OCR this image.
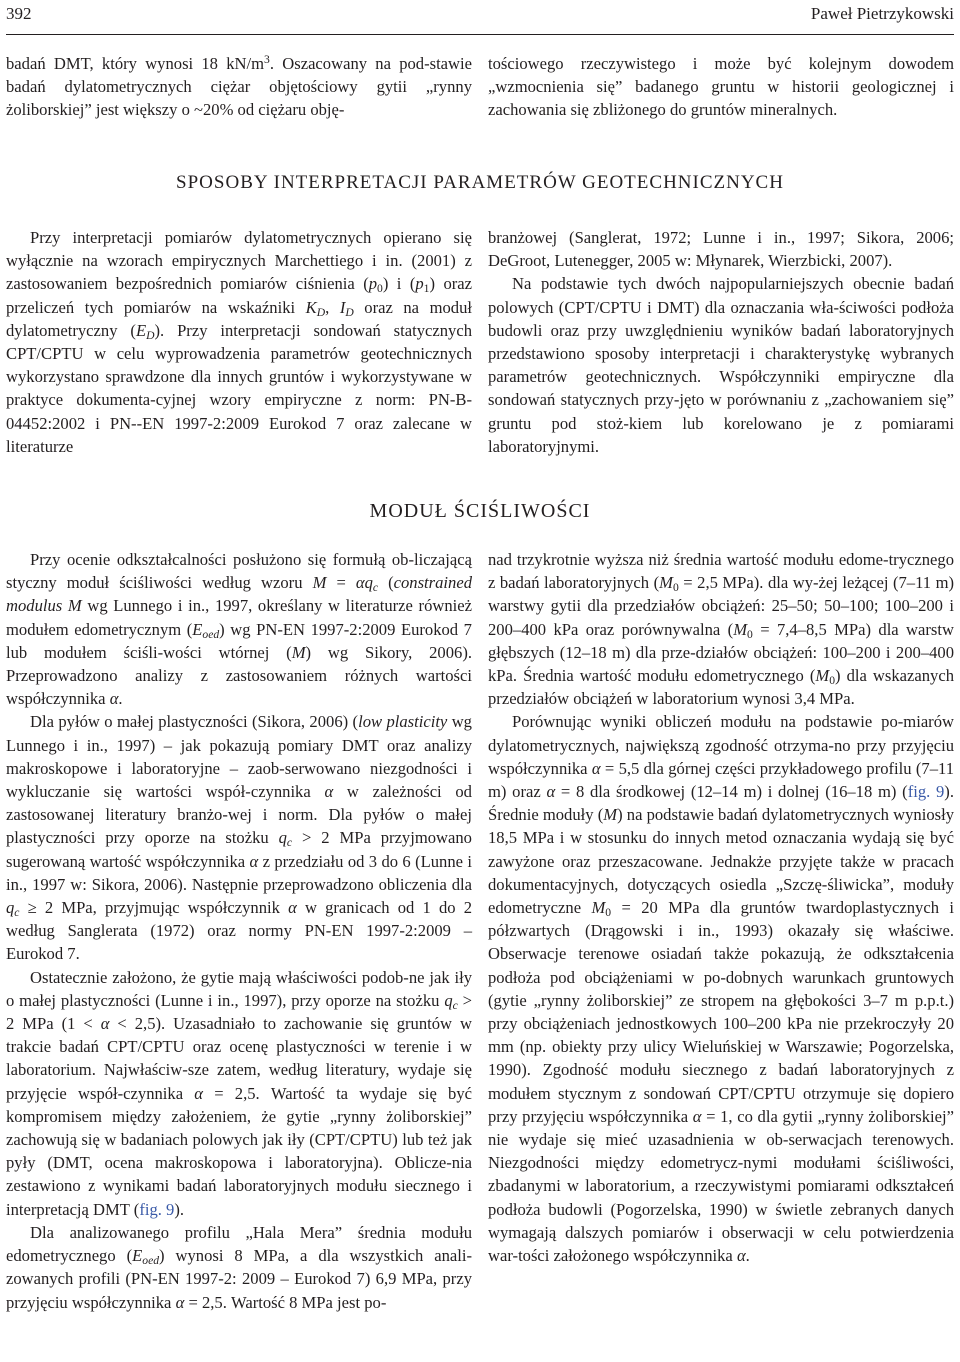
392	Paweł Pietrzykowski

badań DMT, który wynosi 18 $kN/m^3$. Oszacowany na pod-stawie badań dylatometrycznych ciężar objętościowy gytii „rynny żoliborskiej” jest większy o ~20% od ciężaru obję-

tościowego rzeczywistego i może być kolejnym dowodem „wzmocnienia się” badanego gruntu w historii geologicznej i zachowania się zbliżonego do gruntów mineralnych.

SPOSOBY INTERPRETACJI PARAMETRÓW GEOTECHNICZNYCH

Przy interpretacji pomiarów dylatometrycznych opierano się wyłącznie na wzorach empirycznych Marchettiego i in. (2001) z zastosowaniem bezpośrednich pomiarów ciśnienia $(p_0)$ i $(p_1)$ oraz przeliczeń tych pomiarów na wskaźniki $K_D$, $I_D$ oraz na moduł dylatometryczny $(E_D)$. Przy interpretacji sondowań statycznych CPT/CPTU w celu wyprowadzenia parametrów geotechnicznych wykorzystano sprawdzone dla innych gruntów i wykorzystywane w praktyce dokumenta-cyjnej wzory empiryczne z norm: PN-B-04452:2002 i PN--EN 1997-2:2009 Eurokod 7 oraz zalecane w literaturze

branżowej (Sanglerat, 1972; Lunne i in., 1997; Sikora, 2006; DeGroot, Lutenegger, 2005 w: Młynarek, Wierzbicki, 2007).

Na podstawie tych dwóch najpopularniejszych obecnie badań polowych (CPT/CPTU i DMT) dla oznaczania wła-ściwości podłoża budowli oraz przy uwzględnieniu wyników badań laboratoryjnych przedstawiono sposoby interpretacji i charakterystykę wybranych parametrów geotechnicznych. Współczynniki empiryczne dla sondowań statycznych przy-jęto w porównaniu z „zachowaniem się” gruntu pod stoż-kiem lub korelowano je z pomiarami laboratoryjnymi.

MODUŁ ŚCIŚLIWOŚCI

Przy ocenie odkształcalności posłużono się formułą ob-liczającą styczny moduł ściśliwości według wzoru $M = \alpha q_c$ (constrained modulus M wg Lunnego i in., 1997, określany w literaturze również modułem edometrycznym $(E_{oed})$ wg PN-EN 1997-2:2009 Eurokod 7 lub modułem ściśli-wości wtórnej (M) wg Sikory, 2006). Przeprowadzono analizy z zastosowaniem różnych wartości współczynnika α.

Dla pyłów o małej plastyczności (Sikora, 2006) (low plasticity wg Lunnego i in., 1997) – jak pokazują pomiary DMT oraz analizy makroskopowe i laboratoryjne – zaob-serwowano niezgodności i wykluczanie się wartości współ-czynnika α w zależności od zastosowanej literatury branżo-wej i norm. Dla pyłów o małej plastyczności przy oporze na stożku $q_c > 2$ MPa przyjmowano sugerowaną wartość współczynnika α z przedziału od 3 do 6 (Lunne i in., 1997 w: Sikora, 2006). Następnie przeprowadzono obliczenia dla $q_c \ge 2$ MPa, przyjmując współczynnik α w granicach od 1 do 2 według Sanglerata (1972) oraz normy PN-EN 1997-2:2009 – Eurokod 7.

Ostatecznie założono, że gytie mają właściwości podob-ne jak iły o małej plastyczności (Lunne i in., 1997), przy oporze na stożku $q_c > 2$ MPa (1 < α < 2,5). Uzasadniało to zachowanie się gruntów w trakcie badań CPT/CPTU oraz ocenę plastyczności w terenie i w laboratorium. Najwłaściw-sze zatem, według literatury, wydaje się przyjęcie współ-czynnika α = 2,5. Wartość ta wydaje się być kompromisem między założeniem, że gytie „rynny żoliborskiej” zachowują się w badaniach polowych jak iły (CPT/CPTU) lub też jak pyły (DMT, ocena makroskopowa i laboratoryjna). Oblicze-nia zestawiono z wynikami badań laboratoryjnych modułu siecznego i interpretacją DMT (fig. 9).

Dla analizowanego profilu „Hala Mera” średnia modułu edometrycznego $(E_{oed})$ wynosi 8 MPa, a dla wszystkich anali-zowanych profili (PN-EN 1997-2: 2009 – Eurokod 7) 6,9 MPa, przy przyjęciu współczynnika α = 2,5. Wartość 8 MPa jest po-

nad trzykrotnie wyższa niż średnia wartość modułu edome-trycznego z badań laboratoryjnych ($M_0 = 2,5$ MPa). dla wy-żej leżącej (7–11 m) warstwy gytii dla przedziałów obciążeń: 25–50; 50–100; 100–200 i 200–400 kPa oraz porównywalna ($M_0 = 7,4-8,5$ MPa) dla warstw głębszych (12–18 m) dla prze-działów obciążeń: 100–200 i 200–400 kPa. Średnia wartość modułu edometrycznego $(M_0)$ dla wskazanych przedziałów obciążeń w laboratorium wynosi 3,4 MPa.

Porównując wyniki obliczeń modułu na podstawie po-miarów dylatometrycznych, największą zgodność otrzyma-no przy przyjęciu współczynnika α = 5,5 dla górnej części przykładowego profilu (7–11 m) oraz α = 8 dla środkowej (12–14 m) i dolnej (16–18 m) (fig. 9). Średnie moduły (M) na podstawie badań dylatometrycznych wyniosły 18,5 MPa i w stosunku do innych metod oznaczania wydają się być zawyżone oraz przeszacowane. Jednakże przyjęte także w pracach dokumentacyjnych, dotyczących osiedla „Szczę-śliwicka”, moduły edometryczne $M_0 = 20$ MPa dla gruntów twardoplastycznych i półzwartych (Drągowski i in., 1993) okazały się właściwe. Obserwacje terenowe osiadań także pokazują, że odkształcenia podłoża pod obciążeniami w po-dobnych warunkach gruntowych (gytie „rynny żoliborskiej” ze stropem na głębokości 3–7 m p.p.t.) przy obciążeniach jednostkowych 100–200 kPa nie przekroczyły 20 mm (np. obiekty przy ulicy Wieluńskiej w Warszawie; Pogorzelska, 1990). Zgodność modułu siecznego z badań laboratoryjnych z modułem stycznym z sondowań CPT/CPTU otrzymuje się dopiero przy przyjęciu współczynnika α = 1, co dla gytii „rynny żoliborskiej” nie wydaje się mieć uzasadnienia w ob-serwacjach terenowych. Niezgodności między edometrycz-nymi modułami ściśliwości, zbadanymi w laboratorium, a rzeczywistymi pomiarami odkształceń podłoża budowli (Pogorzelska, 1990) w świetle zebranych danych wymagają dalszych pomiarów i obserwacji w celu potwierdzenia war-tości założonego współczynnika α.
